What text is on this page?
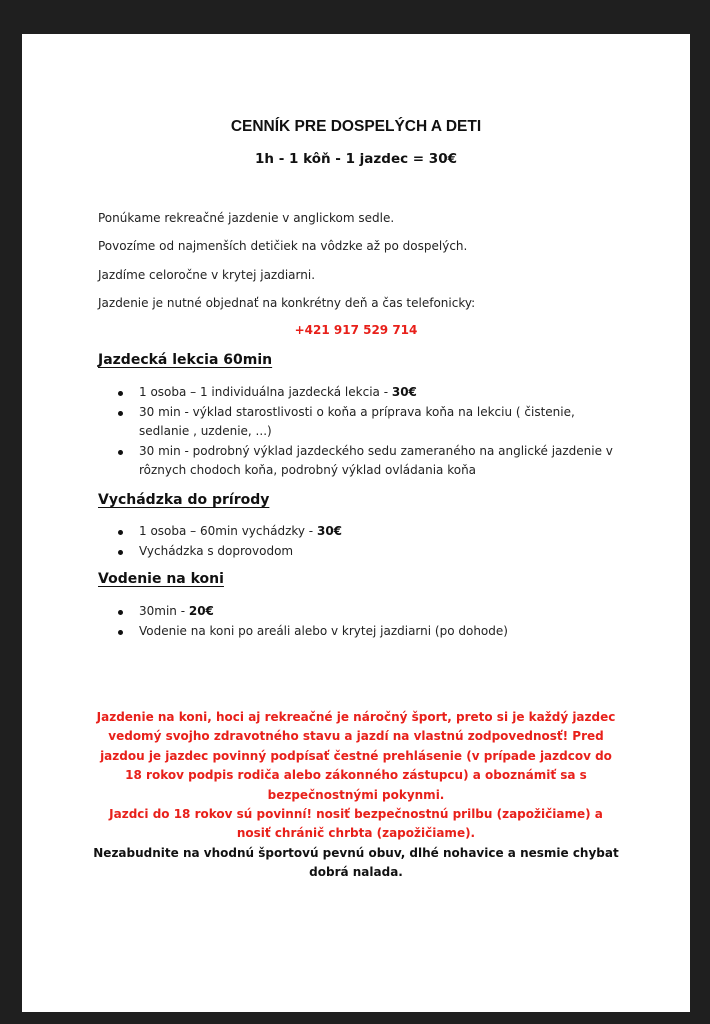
CENNÍK PRE DOSPELÝCH A DETI
1h - 1 kôň - 1 jazdec = 30€
Ponúkame rekreačné jazdenie v anglickom sedle.
Povozíme od najmenších detičiek na vôdzke až po dospelých.
Jazdíme celoročne v krytej jazdiarni.
Jazdenie je nutné objednať na konkrétny deň a čas telefonicky:
+421 917 529 714
Jazdecká lekcia 60min
1 osoba – 1 individuálna jazdecká lekcia - 30€
30 min - výklad starostlivosti o koňa a príprava koňa na lekciu ( čistenie, sedlanie , uzdenie, ...)
30 min - podrobný výklad jazdeckého sedu zameraného na anglické jazdenie v rôznych chodoch koňa, podrobný výklad ovládania koňa
Vychádzka do prírody
1 osoba – 60min vychádzky - 30€
Vychádzka s doprovodom
Vodenie na koni
30min - 20€
Vodenie na koni po areáli alebo v krytej jazdiarni (po dohode)
Jazdenie na koni, hoci aj rekreačné je náročný šport, preto si je každý jazdec vedomý svojho zdravotného stavu a jazdí na vlastnú zodpovednosť! Pred jazdou je jazdec povinný podpísať čestné prehlásenie (v prípade jazdcov do 18 rokov podpis rodiča alebo zákonného zástupcu) a oboznámiť sa s bezpečnostnými pokynmi.
Jazdci do 18 rokov sú povinní! nosiť bezpečnostnú prilbu (zapožičiame) a nosiť chránič chrbta (zapožičiame).
Nezabudnite na vhodnú športovú pevnú obuv, dlhé nohavice a nesmie chybat dobrá nalada.
